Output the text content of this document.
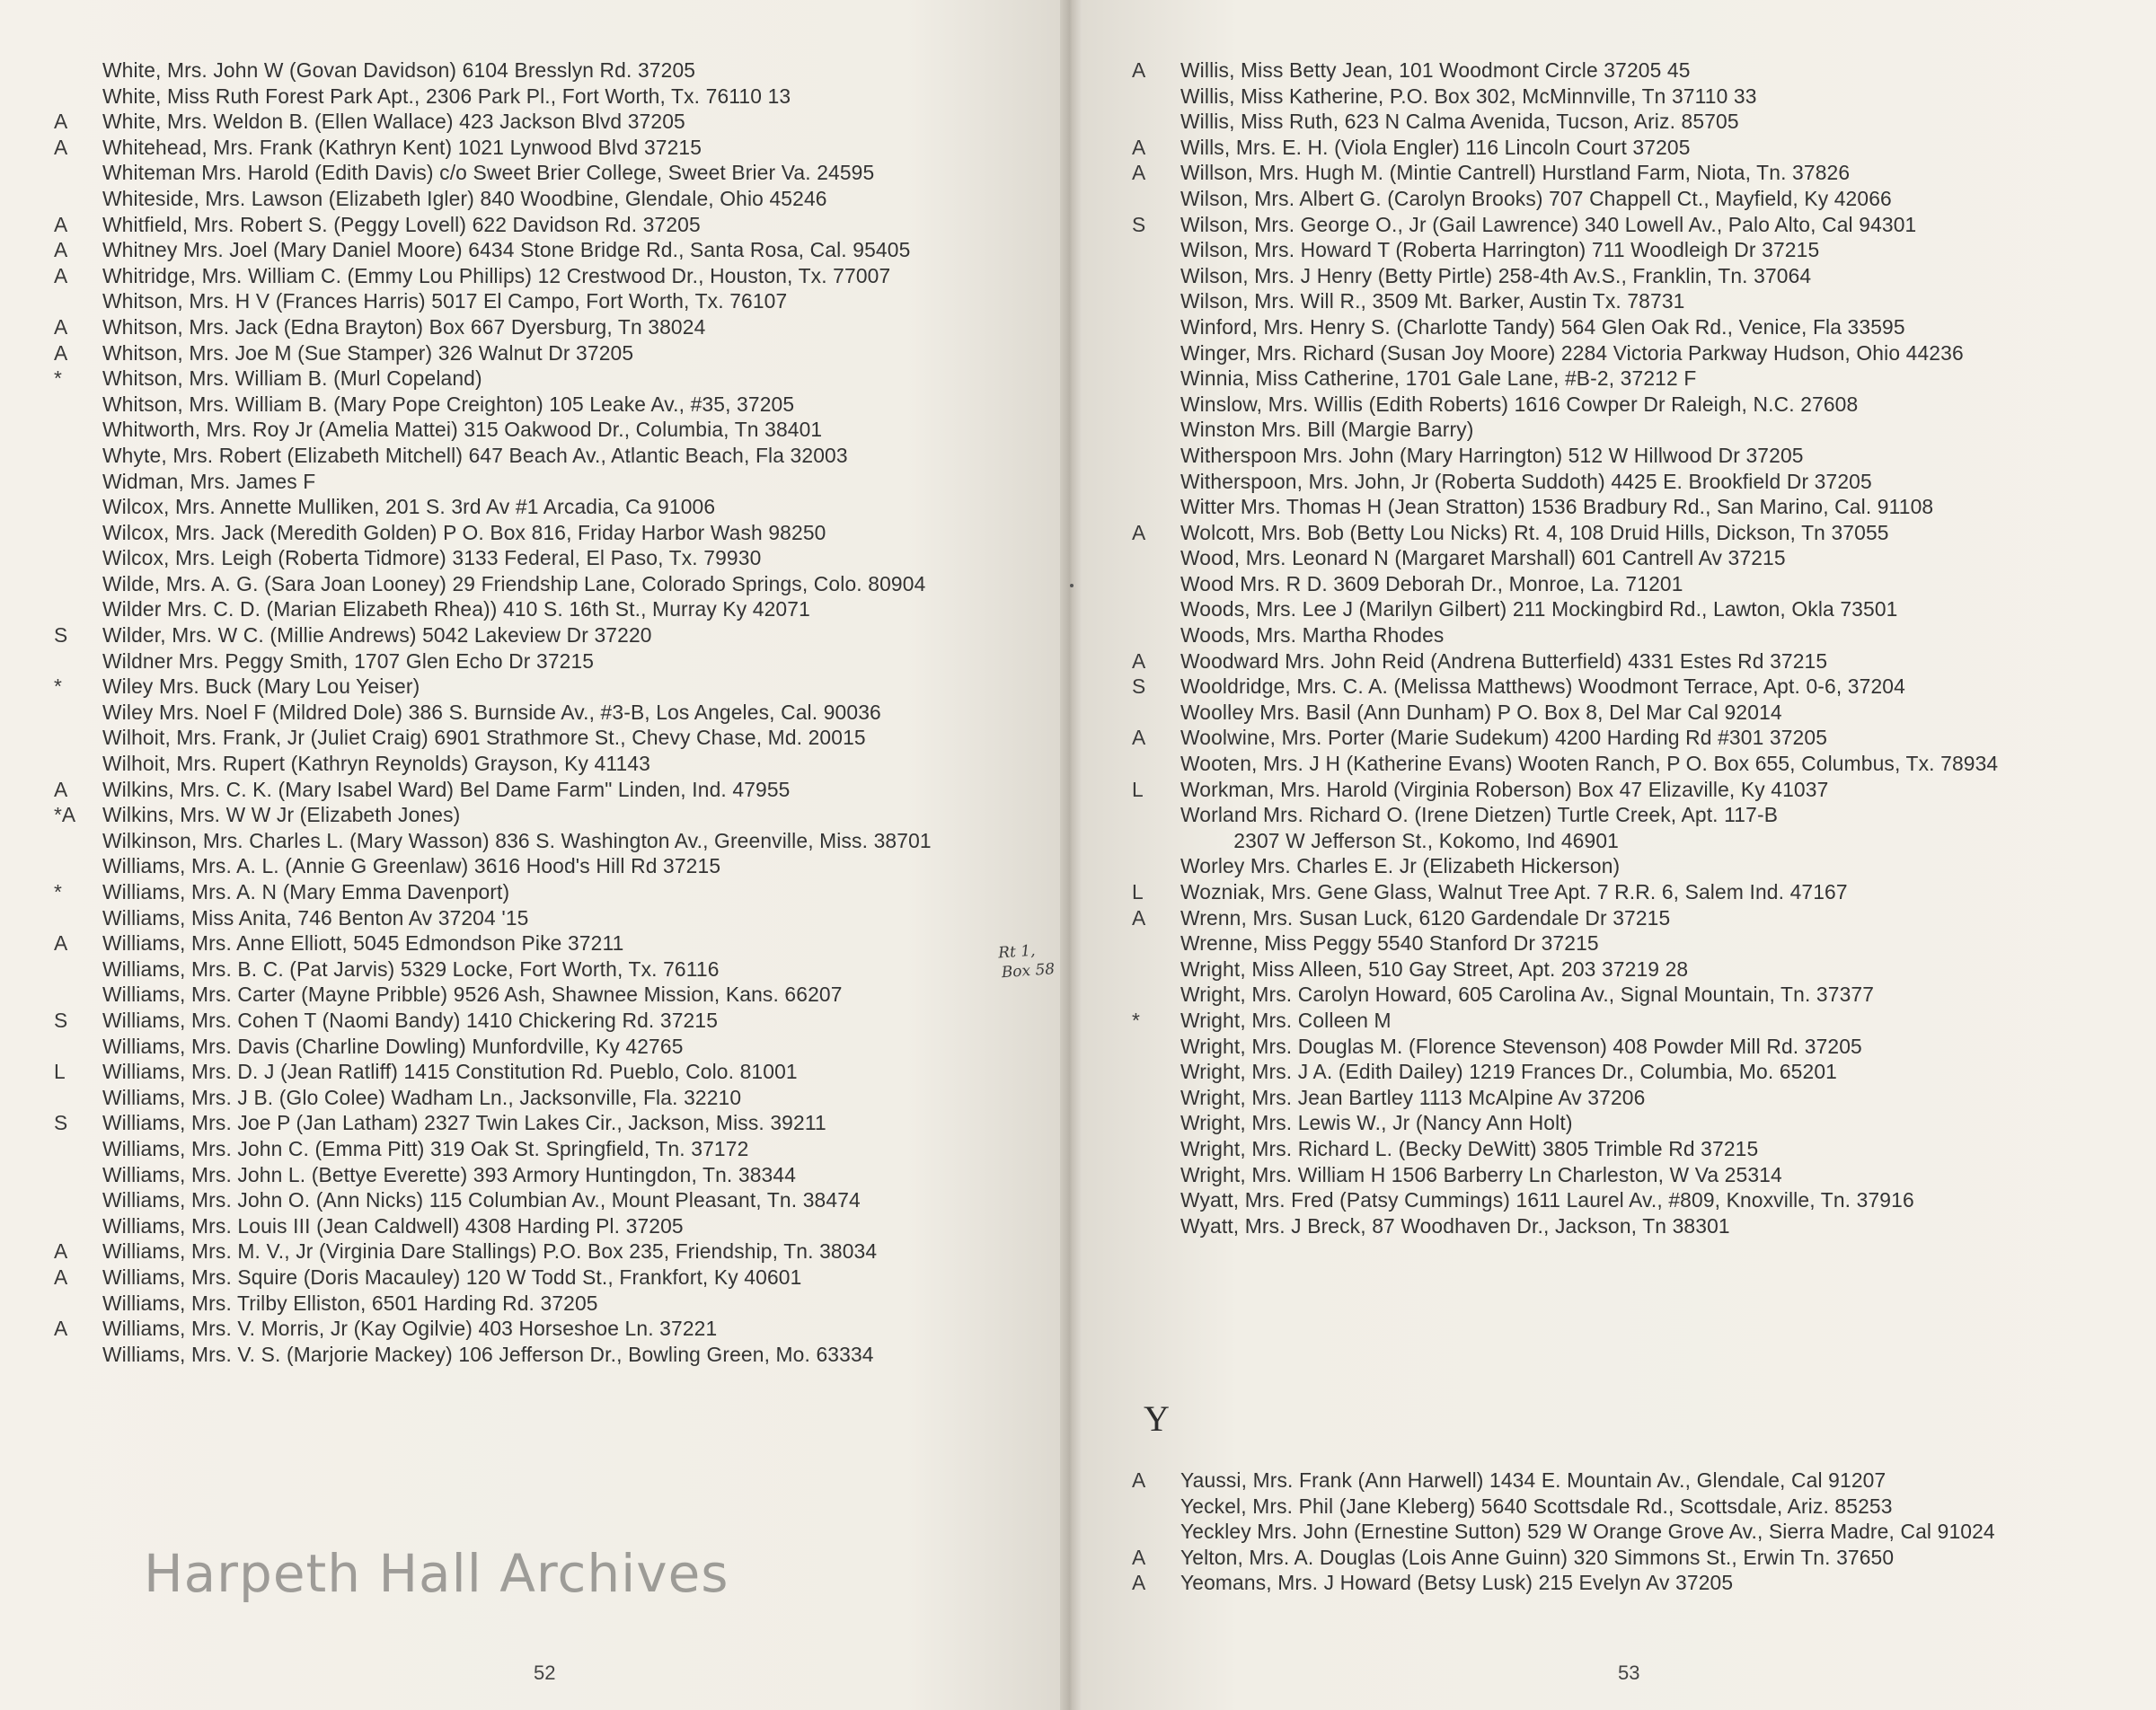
White, Mrs. John W (Govan Davidson) 6104 Bresslyn Rd. 37205
White, Miss Ruth Forest Park Apt., 2306 Park Pl., Fort Worth, Tx. 76110 13
A	White, Mrs. Weldon B. (Ellen Wallace) 423 Jackson Blvd 37205
A	Whitehead, Mrs. Frank (Kathryn Kent) 1021 Lynwood Blvd 37215
Whiteman Mrs. Harold (Edith Davis) c/o Sweet Brier College, Sweet Brier Va. 24595
Whiteside, Mrs. Lawson (Elizabeth Igler) 840 Woodbine, Glendale, Ohio 45246
A	Whitfield, Mrs. Robert S. (Peggy Lovell) 622 Davidson Rd. 37205
A	Whitney Mrs. Joel (Mary Daniel Moore) 6434 Stone Bridge Rd., Santa Rosa, Cal. 95405
A	Whitridge, Mrs. William C. (Emmy Lou Phillips) 12 Crestwood Dr., Houston, Tx. 77007
Whitson, Mrs. H V (Frances Harris) 5017 El Campo, Fort Worth, Tx. 76107
A	Whitson, Mrs. Jack (Edna Brayton) Box 667 Dyersburg, Tn 38024
A	Whitson, Mrs. Joe M (Sue Stamper) 326 Walnut Dr 37205
*	Whitson, Mrs. William B. (Murl Copeland)
Whitson, Mrs. William B. (Mary Pope Creighton) 105 Leake Av., #35, 37205
Whitworth, Mrs. Roy Jr (Amelia Mattei) 315 Oakwood Dr., Columbia, Tn 38401
Whyte, Mrs. Robert (Elizabeth Mitchell) 647 Beach Av., Atlantic Beach, Fla 32003
Widman, Mrs. James F
Wilcox, Mrs. Annette Mulliken, 201 S. 3rd Av #1 Arcadia, Ca 91006
Wilcox, Mrs. Jack (Meredith Golden) P O. Box 816, Friday Harbor Wash 98250
Wilcox, Mrs. Leigh (Roberta Tidmore) 3133 Federal, El Paso, Tx. 79930
Wilde, Mrs. A. G. (Sara Joan Looney) 29 Friendship Lane, Colorado Springs, Colo. 80904
Wilder Mrs. C. D. (Marian Elizabeth Rhea)) 410 S. 16th St., Murray Ky 42071
S	Wilder, Mrs. W C. (Millie Andrews) 5042 Lakeview Dr 37220
Wildner Mrs. Peggy Smith, 1707 Glen Echo Dr 37215
*	Wiley Mrs. Buck (Mary Lou Yeiser)
Wiley Mrs. Noel F (Mildred Dole) 386 S. Burnside Av., #3-B, Los Angeles, Cal. 90036
Wilhoit, Mrs. Frank, Jr (Juliet Craig) 6901 Strathmore St., Chevy Chase, Md. 20015
Wilhoit, Mrs. Rupert (Kathryn Reynolds) Grayson, Ky 41143
A	Wilkins, Mrs. C. K. (Mary Isabel Ward) Bel Dame Farm" Linden, Ind. 47955
*A	Wilkins, Mrs. W W Jr (Elizabeth Jones)
Wilkinson, Mrs. Charles L. (Mary Wasson) 836 S. Washington Av., Greenville, Miss. 38701
Williams, Mrs. A. L. (Annie G Greenlaw) 3616 Hood's Hill Rd 37215
*	Williams, Mrs. A. N (Mary Emma Davenport)
Williams, Miss Anita, 746 Benton Av 37204 '15
A	Williams, Mrs. Anne Elliott, 5045 Edmondson Pike 37211
Williams, Mrs. B. C. (Pat Jarvis) 5329 Locke, Fort Worth, Tx. 76116
Williams, Mrs. Carter (Mayne Pribble) 9526 Ash, Shawnee Mission, Kans. 66207
S	Williams, Mrs. Cohen T (Naomi Bandy) 1410 Chickering Rd. 37215
Williams, Mrs. Davis (Charline Dowling) Munfordville, Ky 42765
L	Williams, Mrs. D. J (Jean Ratliff) 1415 Constitution Rd. Pueblo, Colo. 81001
Williams, Mrs. J B. (Glo Colee) Wadham Ln., Jacksonville, Fla. 32210
S	Williams, Mrs. Joe P (Jan Latham) 2327 Twin Lakes Cir., Jackson, Miss. 39211
Williams, Mrs. John C. (Emma Pitt) 319 Oak St. Springfield, Tn. 37172
Williams, Mrs. John L. (Bettye Everette) 393 Armory Huntingdon, Tn. 38344
Williams, Mrs. John O. (Ann Nicks) 115 Columbian Av., Mount Pleasant, Tn. 38474
Williams, Mrs. Louis III (Jean Caldwell) 4308 Harding Pl. 37205
A	Williams, Mrs. M. V., Jr (Virginia Dare Stallings) P.O. Box 235, Friendship, Tn. 38034
A	Williams, Mrs. Squire (Doris Macauley) 120 W Todd St., Frankfort, Ky 40601
Williams, Mrs. Trilby Elliston, 6501 Harding Rd. 37205
A	Williams, Mrs. V. Morris, Jr (Kay Ogilvie) 403 Horseshoe Ln. 37221
Williams, Mrs. V. S. (Marjorie Mackey) 106 Jefferson Dr., Bowling Green, Mo. 63334
A	Willis, Miss Betty Jean, 101 Woodmont Circle 37205 45
Willis, Miss Katherine, P.O. Box 302, McMinnville, Tn 37110 33
Willis, Miss Ruth, 623 N Calma Avenida, Tucson, Ariz. 85705
A	Wills, Mrs. E. H. (Viola Engler) 116 Lincoln Court 37205
A	Willson, Mrs. Hugh M. (Mintie Cantrell) Hurstland Farm, Niota, Tn. 37826
Wilson, Mrs. Albert G. (Carolyn Brooks) 707 Chappell Ct., Mayfield, Ky 42066
S	Wilson, Mrs. George O., Jr (Gail Lawrence) 340 Lowell Av., Palo Alto, Cal 94301
Wilson, Mrs. Howard T (Roberta Harrington) 711 Woodleigh Dr 37215
Wilson, Mrs. J Henry (Betty Pirtle) 258-4th Av.S., Franklin, Tn. 37064
Wilson, Mrs. Will R., 3509 Mt. Barker, Austin Tx. 78731
Winford, Mrs. Henry S. (Charlotte Tandy) 564 Glen Oak Rd., Venice, Fla 33595
Winger, Mrs. Richard (Susan Joy Moore) 2284 Victoria Parkway Hudson, Ohio 44236
Winnia, Miss Catherine, 1701 Gale Lane, #B-2, 37212 F
Winslow, Mrs. Willis (Edith Roberts) 1616 Cowper Dr Raleigh, N.C. 27608
Winston Mrs. Bill (Margie Barry)
Witherspoon Mrs. John (Mary Harrington) 512 W Hillwood Dr 37205
Witherspoon, Mrs. John, Jr (Roberta Suddoth) 4425 E. Brookfield Dr 37205
Witter Mrs. Thomas H (Jean Stratton) 1536 Bradbury Rd., San Marino, Cal. 91108
A	Wolcott, Mrs. Bob (Betty Lou Nicks) Rt. 4, 108 Druid Hills, Dickson, Tn 37055
Wood, Mrs. Leonard N (Margaret Marshall) 601 Cantrell Av 37215
Wood Mrs. R D. 3609 Deborah Dr., Monroe, La. 71201
Woods, Mrs. Lee J (Marilyn Gilbert) 211 Mockingbird Rd., Lawton, Okla 73501
Woods, Mrs. Martha Rhodes
A	Woodward Mrs. John Reid (Andrena Butterfield) 4331 Estes Rd 37215
S	Wooldridge, Mrs. C. A. (Melissa Matthews) Woodmont Terrace, Apt. 0-6, 37204
Woolley Mrs. Basil (Ann Dunham) P O. Box 8, Del Mar Cal 92014
A	Woolwine, Mrs. Porter (Marie Sudekum) 4200 Harding Rd #301 37205
Wooten, Mrs. J H (Katherine Evans) Wooten Ranch, P O. Box 655, Columbus, Tx. 78934
L	Workman, Mrs. Harold (Virginia Roberson) Box 47 Elizaville, Ky 41037
Worland Mrs. Richard O. (Irene Dietzen) Turtle Creek, Apt. 117-B
2307 W Jefferson St., Kokomo, Ind 46901
Worley Mrs. Charles E. Jr (Elizabeth Hickerson)
L	Wozniak, Mrs. Gene Glass, Walnut Tree Apt. 7 R.R. 6, Salem Ind. 47167
A	Wrenn, Mrs. Susan Luck, 6120 Gardendale Dr 37215
Wrenne, Miss Peggy 5540 Stanford Dr 37215
Wright, Miss Alleen, 510 Gay Street, Apt. 203 37219 28
Wright, Mrs. Carolyn Howard, 605 Carolina Av., Signal Mountain, Tn. 37377
*	Wright, Mrs. Colleen M
Wright, Mrs. Douglas M. (Florence Stevenson) 408 Powder Mill Rd. 37205
Wright, Mrs. J A. (Edith Dailey) 1219 Frances Dr., Columbia, Mo. 65201
Wright, Mrs. Jean Bartley 1113 McAlpine Av 37206
Wright, Mrs. Lewis W., Jr (Nancy Ann Holt)
Wright, Mrs. Richard L. (Becky DeWitt) 3805 Trimble Rd 37215
Wright, Mrs. William H 1506 Barberry Ln Charleston, W Va 25314
Wyatt, Mrs. Fred (Patsy Cummings) 1611 Laurel Av., #809, Knoxville, Tn. 37916
Wyatt, Mrs. J Breck, 87 Woodhaven Dr., Jackson, Tn 38301
Y
A	Yaussi, Mrs. Frank (Ann Harwell) 1434 E. Mountain Av., Glendale, Cal 91207
Yeckel, Mrs. Phil (Jane Kleberg) 5640 Scottsdale Rd., Scottsdale, Ariz. 85253
Yeckley Mrs. John (Ernestine Sutton) 529 W Orange Grove Av., Sierra Madre, Cal 91024
A	Yelton, Mrs. A. Douglas (Lois Anne Guinn) 320 Simmons St., Erwin Tn. 37650
A	Yeomans, Mrs. J Howard (Betsy Lusk) 215 Evelyn Av 37205
Rt 1,
Box 58
Harpeth Hall Archives
52	53
